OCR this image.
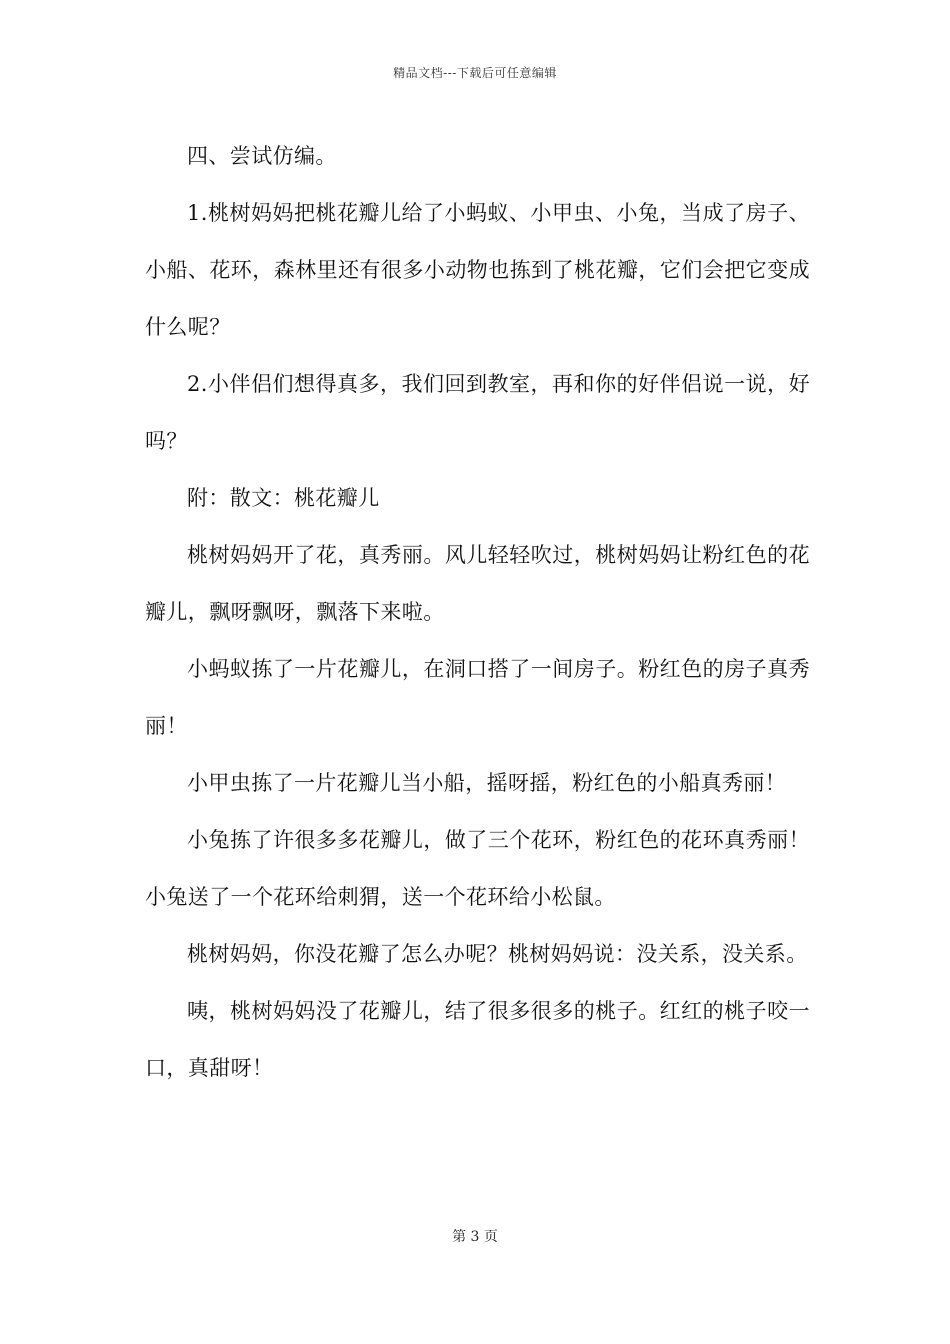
精品文档---下载后可任意编辑

四、尝试仿编。

1.桃树妈妈把桃花瓣儿给了小蚂蚁、小甲虫、小兔，当成了房子、小船、花环，森林里还有很多小动物也拣到了桃花瓣，它们会把它变成什么呢？

2.小伴侣们想得真多，我们回到教室，再和你的好伴侣说一说，好吗？

附：散文：桃花瓣儿

桃树妈妈开了花，真秀丽。风儿轻轻吹过，桃树妈妈让粉红色的花瓣儿，飘呀飘呀，飘落下来啦。

小蚂蚁拣了一片花瓣儿，在洞口搭了一间房子。粉红色的房子真秀丽！

小甲虫拣了一片花瓣儿当小船，摇呀摇，粉红色的小船真秀丽！

小兔拣了许很多多花瓣儿，做了三个花环，粉红色的花环真秀丽！小兔送了一个花环给刺猬，送一个花环给小松鼠。

桃树妈妈，你没花瓣了怎么办呢？桃树妈妈说：没关系，没关系。

咦，桃树妈妈没了花瓣儿，结了很多很多的桃子。红红的桃子咬一口，真甜呀！

第 3 页
